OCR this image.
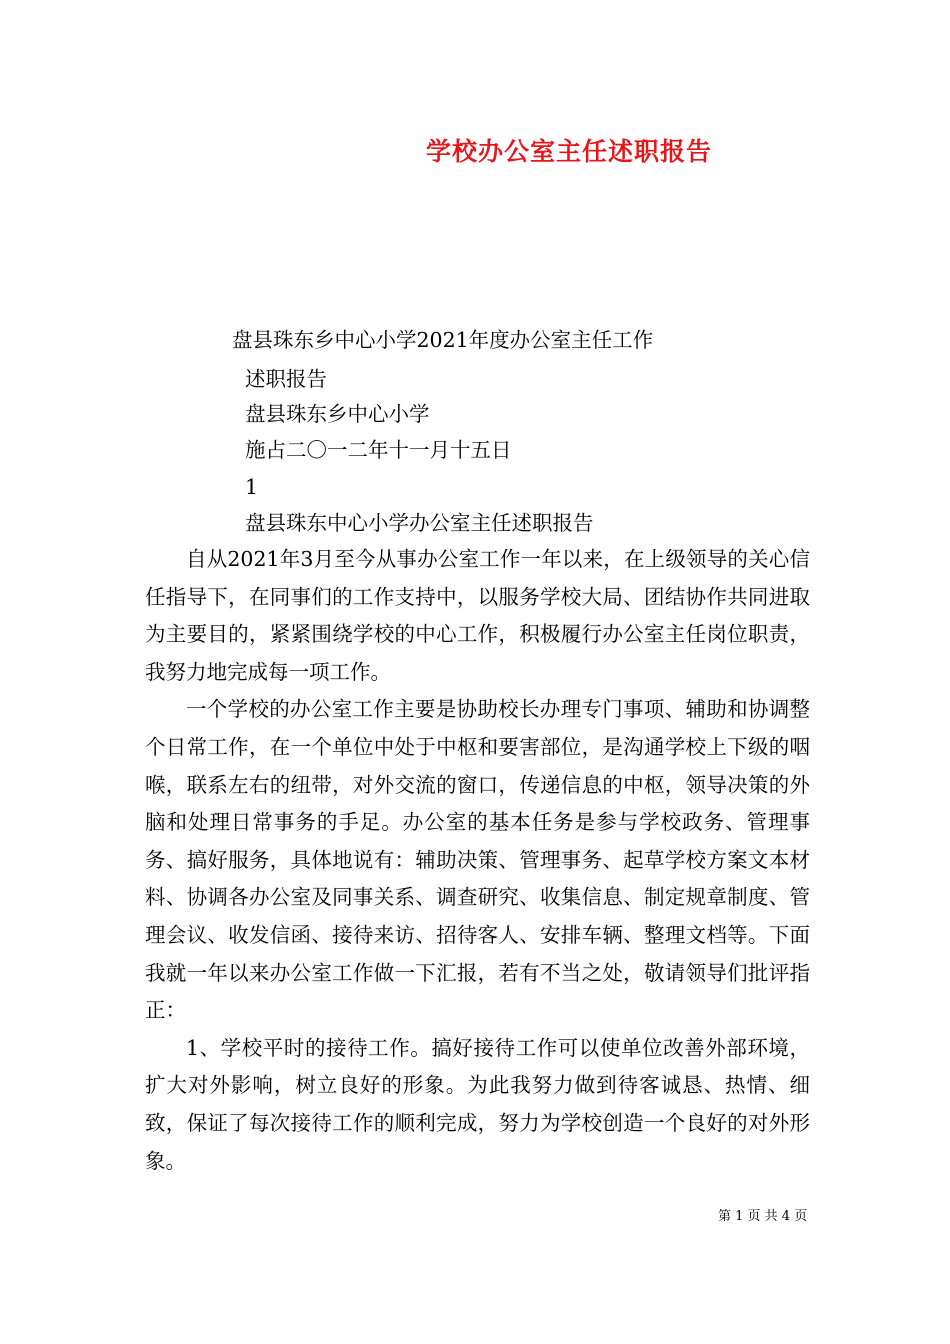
学校办公室主任述职报告
盘县珠东乡中心小学2021年度办公室主任工作
述职报告
盘县珠东乡中心小学
施占二〇一二年十一月十五日
1
盘县珠东中心小学办公室主任述职报告

自从2021年3月至今从事办公室工作一年以来，在上级领导的关心信任指导下，在同事们的工作支持中，以服务学校大局、团结协作共同进取为主要目的，紧紧围绕学校的中心工作，积极履行办公室主任岗位职责，我努力地完成每一项工作。

一个学校的办公室工作主要是协助校长办理专门事项、辅助和协调整个日常工作，在一个单位中处于中枢和要害部位，是沟通学校上下级的咽喉，联系左右的纽带，对外交流的窗口，传递信息的中枢，领导决策的外脑和处理日常事务的手足。办公室的基本任务是参与学校政务、管理事务、搞好服务，具体地说有：辅助决策、管理事务、起草学校方案文本材料、协调各办公室及同事关系、调查研究、收集信息、制定规章制度、管理会议、收发信函、接待来访、招待客人、安排车辆、整理文档等。下面我就一年以来办公室工作做一下汇报，若有不当之处，敬请领导们批评指正：

1、学校平时的接待工作。搞好接待工作可以使单位改善外部环境，扩大对外影响，树立良好的形象。为此我努力做到待客诚恳、热情、细致，保证了每次接待工作的顺利完成，努力为学校创造一个良好的对外形象。

第 1 页 共 4 页
